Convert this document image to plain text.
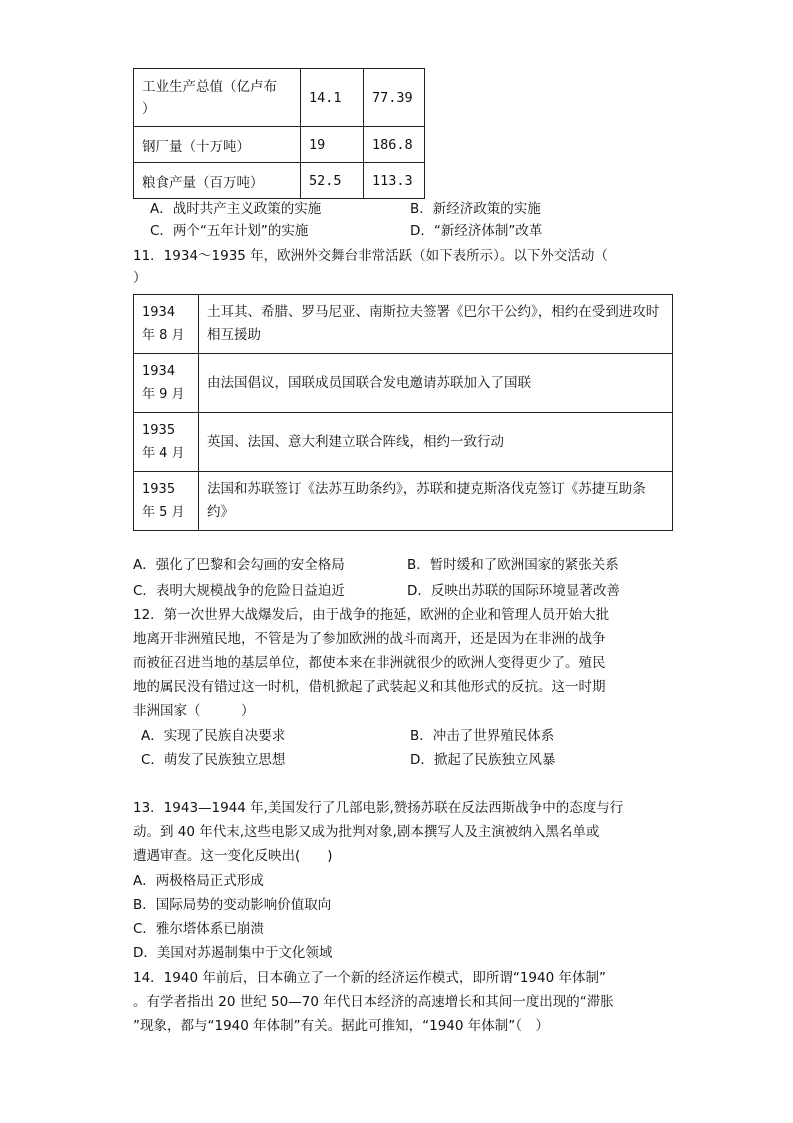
工业生产总值（亿卢布
）	14.1	77.39
钢厂量（十万吨）	19	186.8
粮食产量（百万吨）	52.5	113.3
A．战时共产主义政策的实施	B．新经济政策的实施
C．两个“五年计划”的实施	D．“新经济体制”改革
11．1934～1935 年，欧洲外交舞台非常活跃（如下表所示）。以下外交活动（
）
1934
年 8 月	土耳其、希腊、罗马尼亚、南斯拉夫签署《巴尔干公约》，相约在受到进攻时相互援助

1934
年 9 月	由法国倡议，国联成员国联合发电邀请苏联加入了国联

1935
年 4 月	英国、法国、意大利建立联合阵线，相约一致行动

1935
年 5 月	法国和苏联签订《法苏互助条约》，苏联和捷克斯洛伐克签订《苏捷互助条约》
A．强化了巴黎和会勾画的安全格局	B．暂时缓和了欧洲国家的紧张关系
C．表明大规模战争的危险日益迫近	D．反映出苏联的国际环境显著改善
12．第一次世界大战爆发后，由于战争的拖延，欧洲的企业和管理人员开始大批
地离开非洲殖民地，不管是为了参加欧洲的战斗而离开，还是因为在非洲的战争
而被征召进当地的基层单位，都使本来在非洲就很少的欧洲人变得更少了。殖民
地的属民没有错过这一时机，借机掀起了武装起义和其他形式的反抗。这一时期
非洲国家（　　　）
A．实现了民族自决要求	B．冲击了世界殖民体系
C．萌发了民族独立思想	D．掀起了民族独立风暴
13．1943—1944 年,美国发行了几部电影,赞扬苏联在反法西斯战争中的态度与行
动。到 40 年代末,这些电影又成为批判对象,剧本撰写人及主演被纳入黑名单或
遭遇审查。这一变化反映出(　　)
A．两极格局正式形成
B．国际局势的变动影响价值取向
C．雅尔塔体系已崩溃
D．美国对苏遏制集中于文化领域
14．1940 年前后，日本确立了一个新的经济运作模式，即所谓“1940 年体制”
。有学者指出 20 世纪 50—70 年代日本经济的高速增长和其间一度出现的“滞胀
”现象，都与“1940 年体制”有关。据此可推知，“1940 年体制”（　）
